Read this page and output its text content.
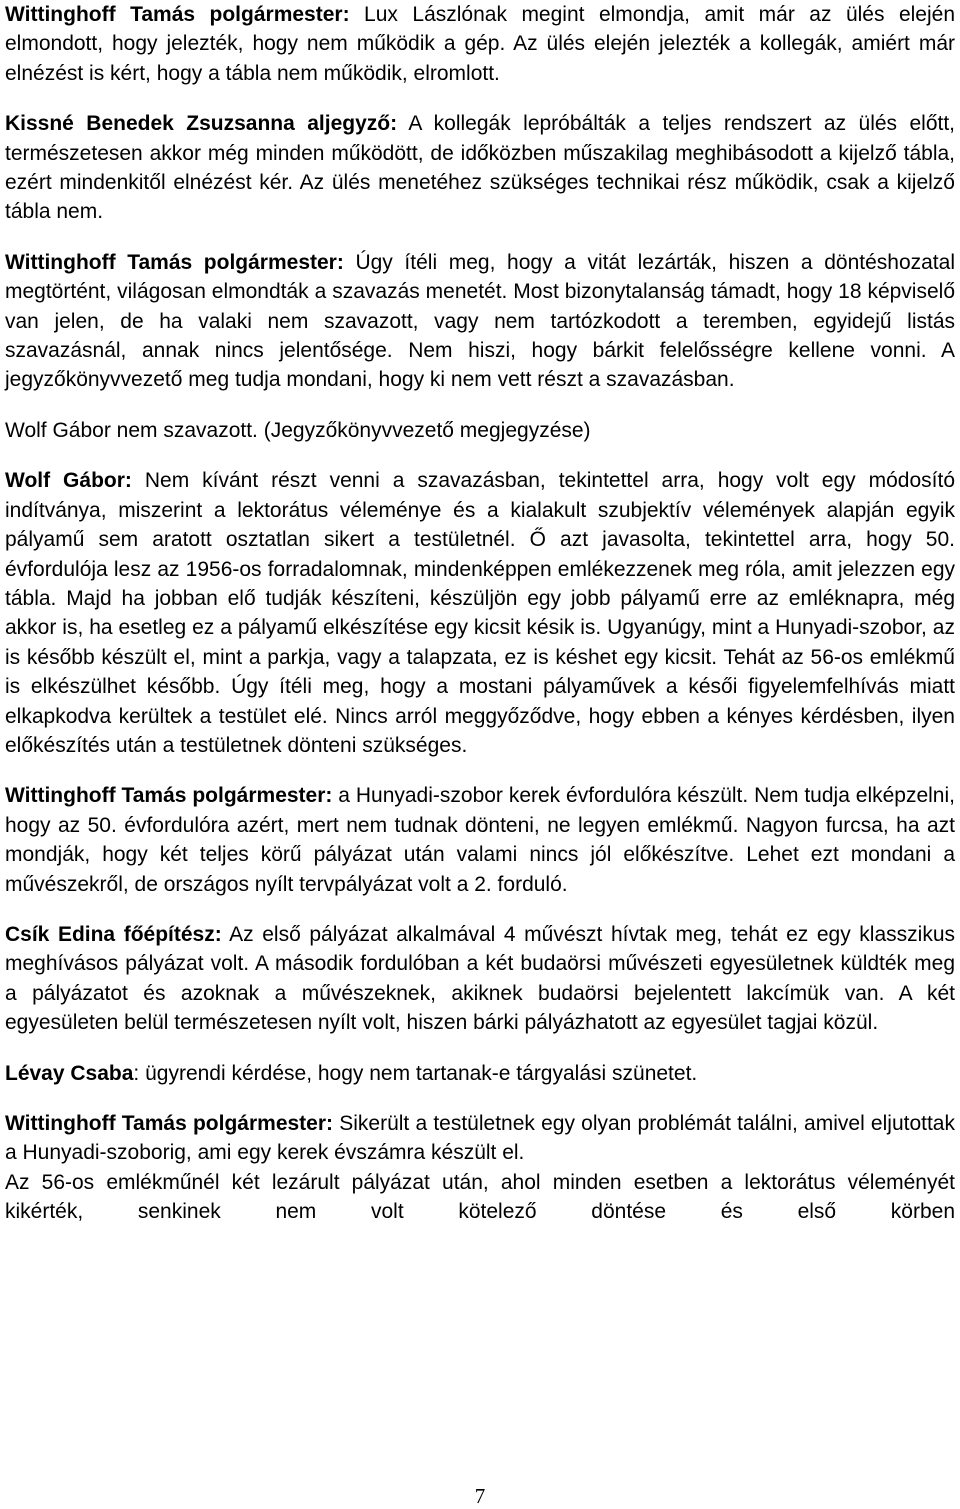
Wittinghoff Tamás polgármester: Lux Lászlónak megint elmondja, amit már az ülés elején elmondott, hogy jelezték, hogy nem működik a gép. Az ülés elején jelezték a kollegák, amiért már elnézést is kért, hogy a tábla nem működik, elromlott.

Kissné Benedek Zsuzsanna aljegyző: A kollegák lepróbálták a teljes rendszert az ülés előtt, természetesen akkor még minden működött, de időközben műszakilag meghibásodott a kijelző tábla, ezért mindenkitől elnézést kér. Az ülés menetéhez szükséges technikai rész működik, csak a kijelző tábla nem.

Wittinghoff Tamás polgármester: Úgy ítéli meg, hogy a vitát lezárták, hiszen a döntéshozatal megtörtént, világosan elmondták a szavazás menetét. Most bizonytalanság támadt, hogy 18 képviselő van jelen, de ha valaki nem szavazott, vagy nem tartózkodott a teremben, egyidejű listás szavazásnál, annak nincs jelentősége. Nem hiszi, hogy bárkit felelősségre kellene vonni. A jegyzőkönyvvezető meg tudja mondani, hogy ki nem vett részt a szavazásban.

Wolf Gábor nem szavazott. (Jegyzőkönyvvezető megjegyzése)

Wolf Gábor: Nem kívánt részt venni a szavazásban, tekintettel arra, hogy volt egy módosító indítványa, miszerint a lektorátus véleménye és a kialakult szubjektív vélemények alapján egyik pályamű sem aratott osztatlan sikert a testületnél. Ő azt javasolta, tekintettel arra, hogy 50. évfordulója lesz az 1956-os forradalomnak, mindenképpen emlékezzenek meg róla, amit jelezzen egy tábla. Majd ha jobban elő tudják készíteni, készüljön egy jobb pályamű erre az emléknapra, még akkor is, ha esetleg ez a pályamű elkészítése egy kicsit késik is. Ugyanúgy, mint a Hunyadi-szobor, az is később készült el, mint a parkja, vagy a talapzata, ez is késhet egy kicsit. Tehát az 56-os emlékmű is elkészülhet később. Úgy ítéli meg, hogy a mostani pályaművek a késői figyelemfelhívás miatt elkapkodva kerültek a testület elé. Nincs arról meggyőződve, hogy ebben a kényes kérdésben, ilyen előkészítés után a testületnek dönteni szükséges.

Wittinghoff Tamás polgármester: a Hunyadi-szobor kerek évfordulóra készült. Nem tudja elképzelni, hogy az 50. évfordulóra azért, mert nem tudnak dönteni, ne legyen emlékmű. Nagyon furcsa, ha azt mondják, hogy két teljes körű pályázat után valami nincs jól előkészítve. Lehet ezt mondani a művészekről, de országos nyílt tervpályázat volt a 2. forduló.

Csík Edina főépítész: Az első pályázat alkalmával 4 művészt hívtak meg, tehát ez egy klasszikus meghívásos pályázat volt. A második fordulóban a két budaörsi művészeti egyesületnek küldték meg a pályázatot és azoknak a művészeknek, akiknek budaörsi bejelentett lakcímük van. A két egyesületen belül természetesen nyílt volt, hiszen bárki pályázhatott az egyesület tagjai közül.

Lévay Csaba: ügyrendi kérdése, hogy nem tartanak-e tárgyalási szünetet.

Wittinghoff Tamás polgármester: Sikerült a testületnek egy olyan problémát találni, amivel eljutottak a Hunyadi-szoborig, ami egy kerek évszámra készült el.

Az 56-os emlékműnél két lezárult pályázat után, ahol minden esetben a lektorátus véleményét kikérték, senkinek nem volt kötelező döntése és első körben

7
